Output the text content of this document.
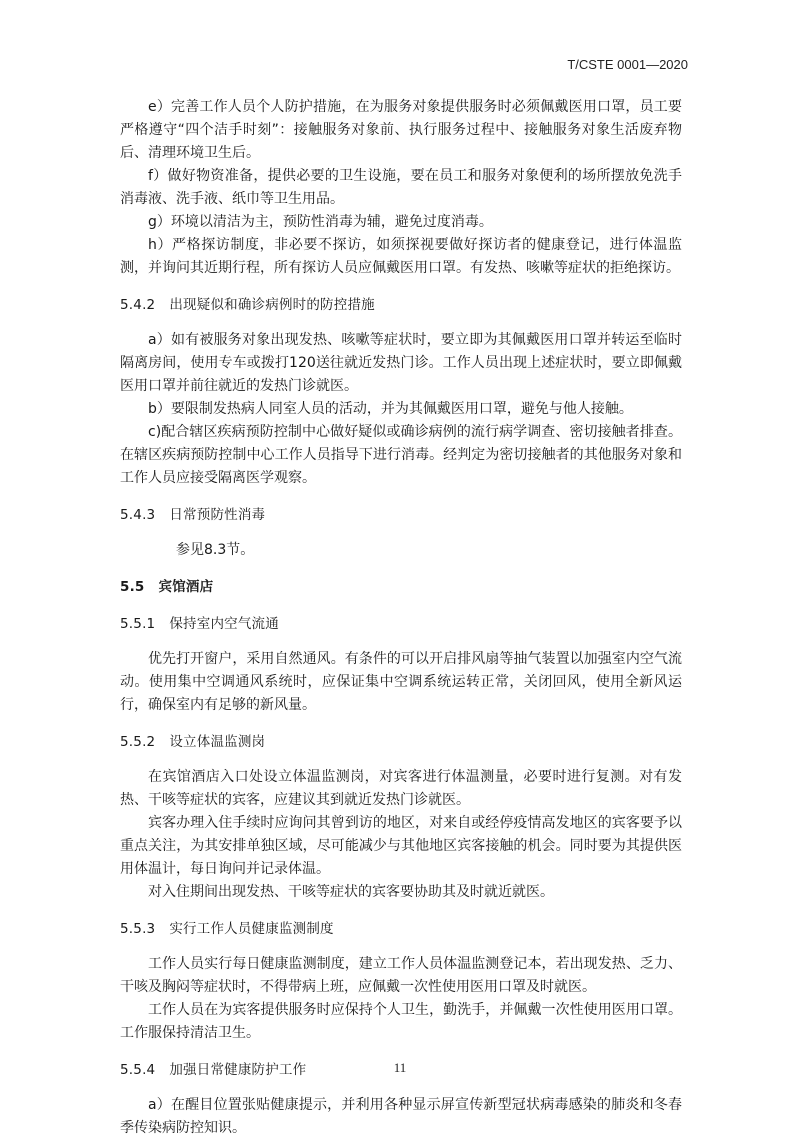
T/CSTE 0001—2020

e）完善工作人员个人防护措施，在为服务对象提供服务时必须佩戴医用口罩，员工要严格遵守“四个洁手时刻”：接触服务对象前、执行服务过程中、接触服务对象生活废弃物后、清理环境卫生后。

f）做好物资准备，提供必要的卫生设施，要在员工和服务对象便利的场所摆放免洗手消毒液、洗手液、纸巾等卫生用品。

g）环境以清洁为主，预防性消毒为辅，避免过度消毒。

h）严格探访制度，非必要不探访，如须探视要做好探访者的健康登记，进行体温监测，并询问其近期行程，所有探访人员应佩戴医用口罩。有发热、咳嗽等症状的拒绝探访。

5.4.2 出现疑似和确诊病例时的防控措施

a）如有被服务对象出现发热、咳嗽等症状时，要立即为其佩戴医用口罩并转运至临时隔离房间，使用专车或拨打120送往就近发热门诊。工作人员出现上述症状时，要立即佩戴医用口罩并前往就近的发热门诊就医。

b）要限制发热病人同室人员的活动，并为其佩戴医用口罩，避免与他人接触。

c)配合辖区疾病预防控制中心做好疑似或确诊病例的流行病学调查、密切接触者排查。在辖区疾病预防控制中心工作人员指导下进行消毒。经判定为密切接触者的其他服务对象和工作人员应接受隔离医学观察。

5.4.3 日常预防性消毒

参见8.3节。

5.5 宾馆酒店

5.5.1 保持室内空气流通

优先打开窗户，采用自然通风。有条件的可以开启排风扇等抽气装置以加强室内空气流动。使用集中空调通风系统时，应保证集中空调系统运转正常，关闭回风，使用全新风运行，确保室内有足够的新风量。

5.5.2 设立体温监测岗

在宾馆酒店入口处设立体温监测岗，对宾客进行体温测量，必要时进行复测。对有发热、干咳等症状的宾客，应建议其到就近发热门诊就医。

宾客办理入住手续时应询问其曾到访的地区，对来自或经停疫情高发地区的宾客要予以重点关注，为其安排单独区域，尽可能减少与其他地区宾客接触的机会。同时要为其提供医用体温计，每日询问并记录体温。

对入住期间出现发热、干咳等症状的宾客要协助其及时就近就医。

5.5.3 实行工作人员健康监测制度

工作人员实行每日健康监测制度，建立工作人员体温监测登记本，若出现发热、乏力、干咳及胸闷等症状时，不得带病上班，应佩戴一次性使用医用口罩及时就医。

工作人员在为宾客提供服务时应保持个人卫生，勤洗手，并佩戴一次性使用医用口罩。工作服保持清洁卫生。

5.5.4 加强日常健康防护工作

a）在醒目位置张贴健康提示，并利用各种显示屏宣传新型冠状病毒感染的肺炎和冬春季传染病防控知识。

11
